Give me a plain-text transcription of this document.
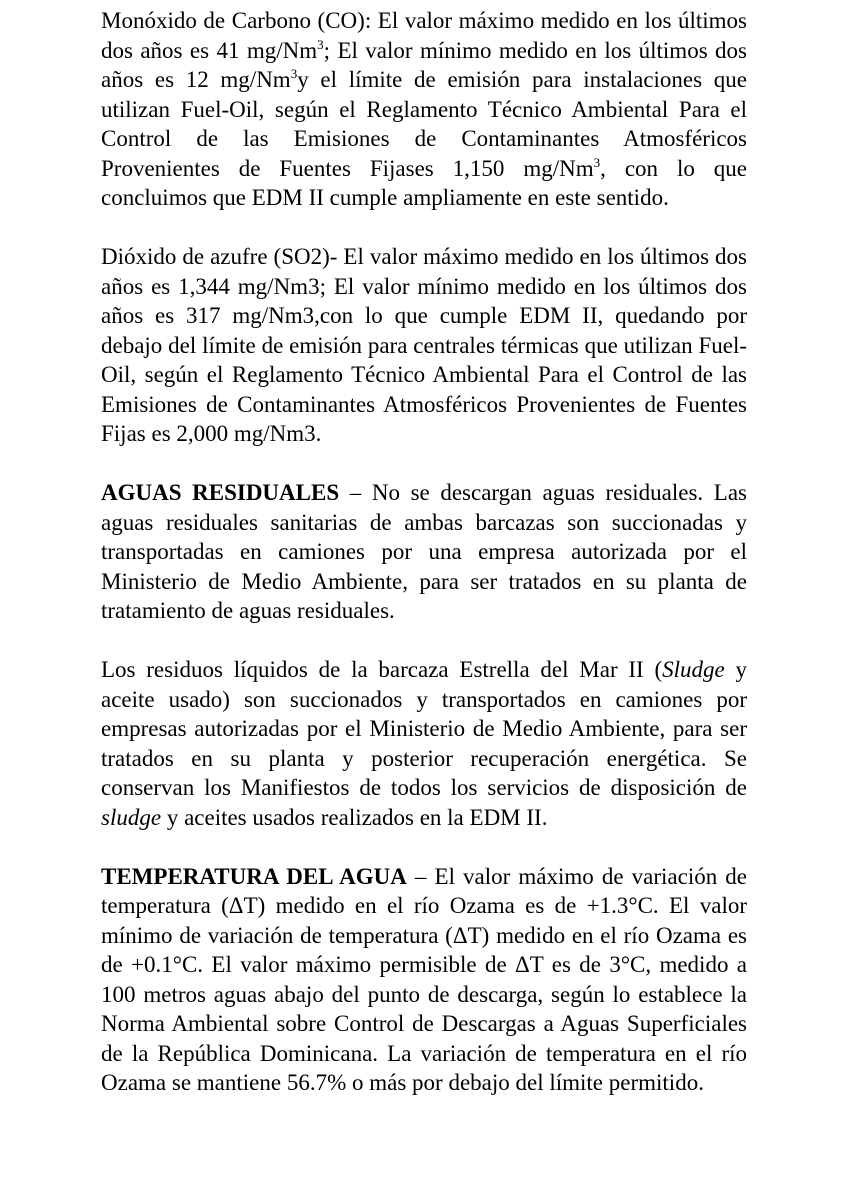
Monóxido de Carbono (CO): El valor máximo medido en los últimos dos años es 41 mg/Nm$^3$; El valor mínimo medido en los últimos dos años es 12 mg/Nm$^3$y el límite de emisión para instalaciones que utilizan Fuel-Oil, según el Reglamento Técnico Ambiental Para el Control de las Emisiones de Contaminantes Atmosféricos Provenientes de Fuentes Fijases 1,150 mg/Nm$^3$, con lo que concluimos que EDM II cumple ampliamente en este sentido.

Dióxido de azufre (SO2)- El valor máximo medido en los últimos dos años es 1,344 mg/Nm3; El valor mínimo medido en los últimos dos años es 317 mg/Nm3,con lo que cumple EDM II, quedando por debajo del límite de emisión para centrales térmicas que utilizan Fuel-Oil, según el Reglamento Técnico Ambiental Para el Control de las Emisiones de Contaminantes Atmosféricos Provenientes de Fuentes Fijas es 2,000 mg/Nm3.

AGUAS RESIDUALES – No se descargan aguas residuales. Las aguas residuales sanitarias de ambas barcazas son succionadas y transportadas en camiones por una empresa autorizada por el Ministerio de Medio Ambiente, para ser tratados en su planta de tratamiento de aguas residuales.

Los residuos líquidos de la barcaza Estrella del Mar II (Sludge y aceite usado) son succionados y transportados en camiones por empresas autorizadas por el Ministerio de Medio Ambiente, para ser tratados en su planta y posterior recuperación energética. Se conservan los Manifiestos de todos los servicios de disposición de sludge y aceites usados realizados en la EDM II.

TEMPERATURA DEL AGUA – El valor máximo de variación de temperatura (ΔT) medido en el río Ozama es de +1.3°C. El valor mínimo de variación de temperatura (ΔT) medido en el río Ozama es de +0.1°C. El valor máximo permisible de ΔT es de 3°C, medido a 100 metros aguas abajo del punto de descarga, según lo establece la Norma Ambiental sobre Control de Descargas a Aguas Superficiales de la República Dominicana. La variación de temperatura en el río Ozama se mantiene 56.7% o más por debajo del límite permitido.
